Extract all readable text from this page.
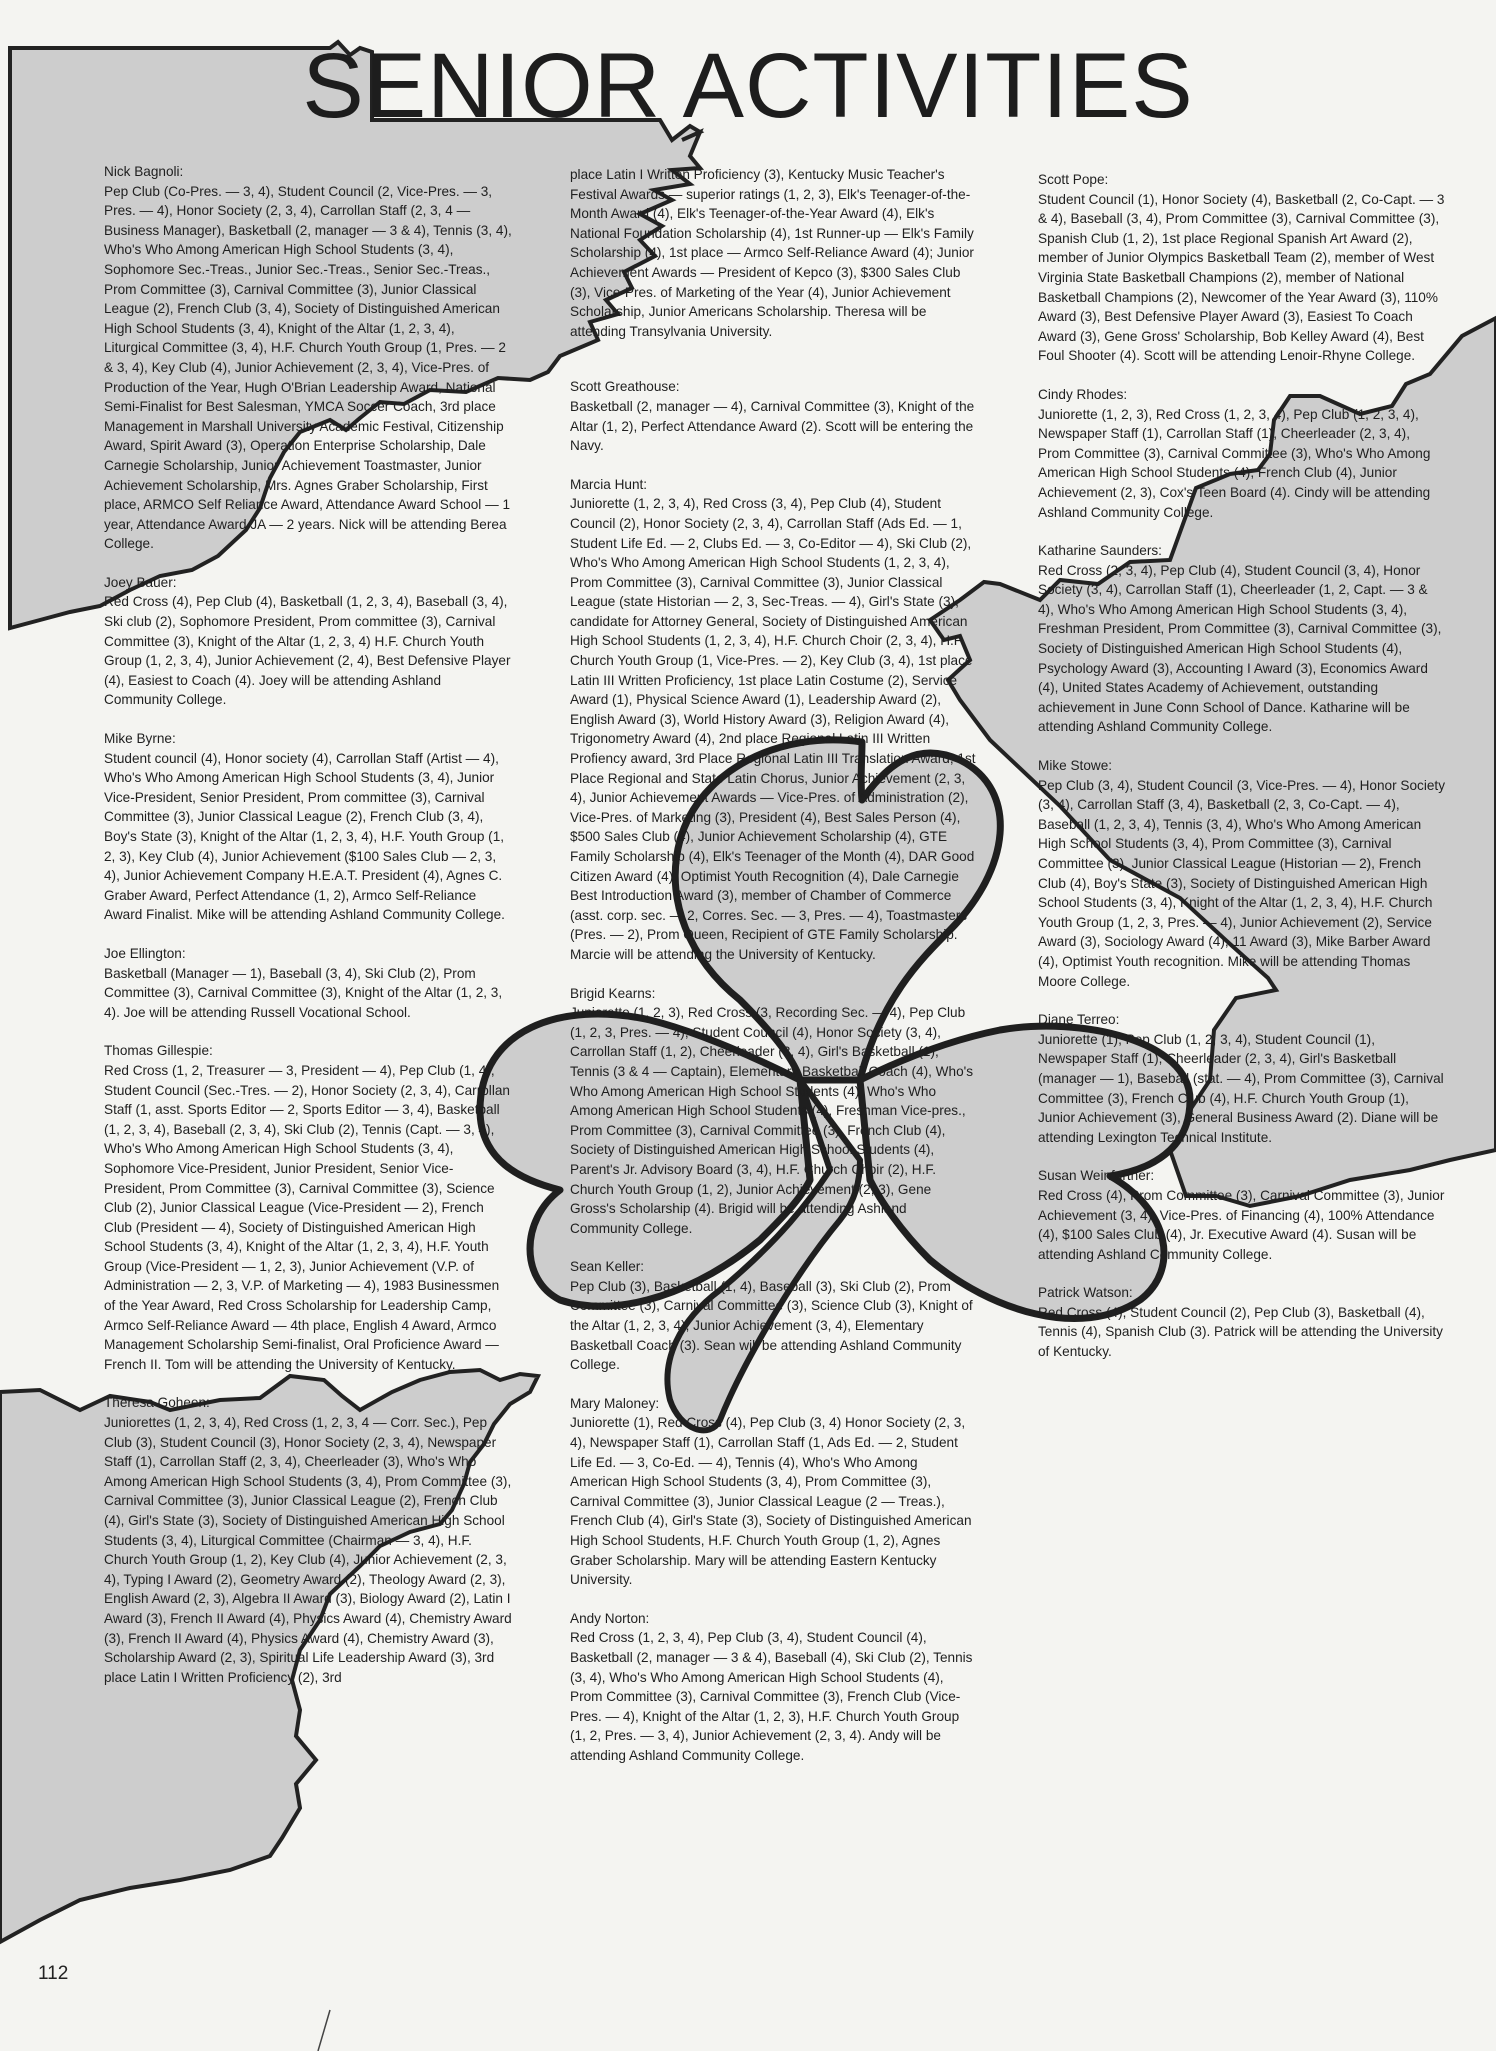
SENIOR ACTIVITIES
Nick Bagnoli:
Pep Club (Co-Pres. — 3, 4), Student Council (2, Vice-Pres. — 3, Pres. — 4), Honor Society (2, 3, 4), Carrollan Staff (2, 3, 4 — Business Manager), Basketball (2, manager — 3 & 4), Tennis (3, 4), Who's Who Among American High School Students (3, 4), Sophomore Sec.-Treas., Junior Sec.-Treas., Senior Sec.-Treas., Prom Committee (3), Carnival Committee (3), Junior Classical League (2), French Club (3, 4), Society of Distinguished American High School Students (3, 4), Knight of the Altar (1, 2, 3, 4), Liturgical Committee (3, 4), H.F. Church Youth Group (1, Pres. — 2 & 3, 4), Key Club (4), Junior Achievement (2, 3, 4), Vice-Pres. of Production of the Year, Hugh O'Brian Leadership Award, National Semi-Finalist for Best Salesman, YMCA Soccer Coach, 3rd place Management in Marshall University Academic Festival, Citizenship Award, Spirit Award (3), Operation Enterprise Scholarship, Dale Carnegie Scholarship, Junior Achievement Toastmaster, Junior Achievement Scholarship, Mrs. Agnes Graber Scholarship, First place, ARMCO Self Reliance Award, Attendance Award School — 1 year, Attendance Award JA — 2 years. Nick will be attending Berea College.
Joey Bauer:
Red Cross (4), Pep Club (4), Basketball (1, 2, 3, 4), Baseball (3, 4), Ski club (2), Sophomore President, Prom committee (3), Carnival Committee (3), Knight of the Altar (1, 2, 3, 4) H.F. Church Youth Group (1, 2, 3, 4), Junior Achievement (2, 4), Best Defensive Player (4), Easiest to Coach (4). Joey will be attending Ashland Community College.
Mike Byrne:
Student council (4), Honor society (4), Carrollan Staff (Artist — 4), Who's Who Among American High School Students (3, 4), Junior Vice-President, Senior President, Prom committee (3), Carnival Committee (3), Junior Classical League (2), French Club (3, 4), Boy's State (3), Knight of the Altar (1, 2, 3, 4), H.F. Youth Group (1, 2, 3), Key Club (4), Junior Achievement ($100 Sales Club — 2, 3, 4), Junior Achievement Company H.E.A.T. President (4), Agnes C. Graber Award, Perfect Attendance (1, 2), Armco Self-Reliance Award Finalist. Mike will be attending Ashland Community College.
Joe Ellington:
Basketball (Manager — 1), Baseball (3, 4), Ski Club (2), Prom Committee (3), Carnival Committee (3), Knight of the Altar (1, 2, 3, 4). Joe will be attending Russell Vocational School.
Thomas Gillespie:
Red Cross (1, 2, Treasurer — 3, President — 4), Pep Club (1, 4), Student Council (Sec.-Tres. — 2), Honor Society (2, 3, 4), Carrollan Staff (1, asst. Sports Editor — 2, Sports Editor — 3, 4), Basketball (1, 2, 3, 4), Baseball (2, 3, 4), Ski Club (2), Tennis (Capt. — 3, 4), Who's Who Among American High School Students (3, 4), Sophomore Vice-President, Junior President, Senior Vice-President, Prom Committee (3), Carnival Committee (3), Science Club (2), Junior Classical League (Vice-President — 2), French Club (President — 4), Society of Distinguished American High School Students (3, 4), Knight of the Altar (1, 2, 3, 4), H.F. Youth Group (Vice-President — 1, 2, 3), Junior Achievement (V.P. of Administration — 2, 3, V.P. of Marketing — 4), 1983 Businessmen of the Year Award, Red Cross Scholarship for Leadership Camp, Armco Self-Reliance Award — 4th place, English 4 Award, Armco Management Scholarship Semi-finalist, Oral Proficience Award — French II. Tom will be attending the University of Kentucky.
Theresa Goheen:
Juniorettes (1, 2, 3, 4), Red Cross (1, 2, 3, 4 — Corr. Sec.), Pep Club (3), Student Council (3), Honor Society (2, 3, 4), Newspaper Staff (1), Carrollan Staff (2, 3, 4), Cheerleader (3), Who's Who Among American High School Students (3, 4), Prom Committee (3), Carnival Committee (3), Junior Classical League (2), French Club (4), Girl's State (3), Society of Distinguished American High School Students (3, 4), Liturgical Committee (Chairman — 3, 4), H.F. Church Youth Group (1, 2), Key Club (4), Junior Achievement (2, 3, 4), Typing I Award (2), Geometry Award (2), Theology Award (2, 3), English Award (2, 3), Algebra II Award (3), Biology Award (2), Latin I Award (3), French II Award (4), Physics Award (4), Chemistry Award (3), French II Award (4), Physics Award (4), Chemistry Award (3), Scholarship Award (2, 3), Spiritual Life Leadership Award (3), 3rd place Latin I Written Proficiency (2), 3rd
place Latin I Written Proficiency (3), Kentucky Music Teacher's Festival Awards — superior ratings (1, 2, 3), Elk's Teenager-of-the-Month Award (4), Elk's Teenager-of-the-Year Award (4), Elk's National Foundation Scholarship (4), 1st Runner-up — Elk's Family Scholarship (4), 1st place — Armco Self-Reliance Award (4); Junior Achievement Awards — President of Kepco (3), $300 Sales Club (3), Vice-Pres. of Marketing of the Year (4), Junior Achievement Scholarship, Junior Americans Scholarship. Theresa will be attending Transylvania University.
Scott Greathouse:
Basketball (2, manager — 4), Carnival Committee (3), Knight of the Altar (1, 2), Perfect Attendance Award (2). Scott will be entering the Navy.
Marcia Hunt:
Juniorette (1, 2, 3, 4), Red Cross (3, 4), Pep Club (4), Student Council (2), Honor Society (2, 3, 4), Carrollan Staff (Ads Ed. — 1, Student Life Ed. — 2, Clubs Ed. — 3, Co-Editor — 4), Ski Club (2), Who's Who Among American High School Students (1, 2, 3, 4), Prom Committee (3), Carnival Committee (3), Junior Classical League (state Historian — 2, 3, Sec-Treas. — 4), Girl's State (3), candidate for Attorney General, Society of Distinguished American High School Students (1, 2, 3, 4), H.F. Church Choir (2, 3, 4), H.F. Church Youth Group (1, Vice-Pres. — 2), Key Club (3, 4), 1st place Latin III Written Proficiency, 1st place Latin Costume (2), Service Award (1), Physical Science Award (1), Leadership Award (2), English Award (3), World History Award (3), Religion Award (4), Trigonometry Award (4), 2nd place Regional Latin III Written Profiency award, 3rd Place Regional Latin III Translation Award, 1st Place Regional and State Latin Chorus, Junior Achievement (2, 3, 4), Junior Achievement Awards — Vice-Pres. of Administration (2), Vice-Pres. of Marketing (3), President (4), Best Sales Person (4), $500 Sales Club (4), Junior Achievement Scholarship (4), GTE Family Scholarship (4), Elk's Teenager of the Month (4), DAR Good Citizen Award (4), Optimist Youth Recognition (4), Dale Carnegie Best Introduction Award (3), member of Chamber of Commerce (asst. corp. sec. — 2, Corres. Sec. — 3, Pres. — 4), Toastmasters (Pres. — 2), Prom Queen, Recipient of GTE Family Scholarship. Marcie will be attending the University of Kentucky.
Brigid Kearns:
Juniorette (1, 2, 3), Red Cross (3, Recording Sec. — 4), Pep Club (1, 2, 3, Pres. — 4), Student Council (4), Honor Society (3, 4), Carrollan Staff (1, 2), Cheerleader (3, 4), Girl's Basketball (1), Tennis (3 & 4 — Captain), Elementary Basketball Coach (4), Who's Who Among American High School Students (4), Who's Who Among American High School Students (4), Freshman Vice-pres., Prom Committee (3), Carnival Committee (3), French Club (4), Society of Distinguished American High School Students (4), Parent's Jr. Advisory Board (3, 4), H.F. Church Choir (2), H.F. Church Youth Group (1, 2), Junior Achievement (2, 3), Gene Gross's Scholarship (4). Brigid will be attending Ashland Community College.
Sean Keller:
Pep Club (3), Basketball (1, 4), Baseball (3), Ski Club (2), Prom Committee (3), Carnival Committee (3), Science Club (3), Knight of the Altar (1, 2, 3, 4), Junior Achievement (3, 4), Elementary Basketball Coach (3). Sean will be attending Ashland Community College.
Mary Maloney:
Juniorette (1), Red Cross (4), Pep Club (3, 4) Honor Society (2, 3, 4), Newspaper Staff (1), Carrollan Staff (1, Ads Ed. — 2, Student Life Ed. — 3, Co-Ed. — 4), Tennis (4), Who's Who Among American High School Students (3, 4), Prom Committee (3), Carnival Committee (3), Junior Classical League (2 — Treas.), French Club (4), Girl's State (3), Society of Distinguished American High School Students, H.F. Church Youth Group (1, 2), Agnes Graber Scholarship. Mary will be attending Eastern Kentucky University.
Andy Norton:
Red Cross (1, 2, 3, 4), Pep Club (3, 4), Student Council (4), Basketball (2, manager — 3 & 4), Baseball (4), Ski Club (2), Tennis (3, 4), Who's Who Among American High School Students (4), Prom Committee (3), Carnival Committee (3), French Club (Vice-Pres. — 4), Knight of the Altar (1, 2, 3), H.F. Church Youth Group (1, 2, Pres. — 3, 4), Junior Achievement (2, 3, 4). Andy will be attending Ashland Community College.
Scott Pope:
Student Council (1), Honor Society (4), Basketball (2, Co-Capt. — 3 & 4), Baseball (3, 4), Prom Committee (3), Carnival Committee (3), Spanish Club (1, 2), 1st place Regional Spanish Art Award (2), member of Junior Olympics Basketball Team (2), member of West Virginia State Basketball Champions (2), member of National Basketball Champions (2), Newcomer of the Year Award (3), 110% Award (3), Best Defensive Player Award (3), Easiest To Coach Award (3), Gene Gross' Scholarship, Bob Kelley Award (4), Best Foul Shooter (4). Scott will be attending Lenoir-Rhyne College.
Cindy Rhodes:
Juniorette (1, 2, 3), Red Cross (1, 2, 3, 4), Pep Club (1, 2, 3, 4), Newspaper Staff (1), Carrollan Staff (1), Cheerleader (2, 3, 4), Prom Committee (3), Carnival Committee (3), Who's Who Among American High School Students (4), French Club (4), Junior Achievement (2, 3), Cox's Teen Board (4). Cindy will be attending Ashland Community College.
Katharine Saunders:
Red Cross (2, 3, 4), Pep Club (4), Student Council (3, 4), Honor Society (3, 4), Carrollan Staff (1), Cheerleader (1, 2, Capt. — 3 & 4), Who's Who Among American High School Students (3, 4), Freshman President, Prom Committee (3), Carnival Committee (3), Society of Distinguished American High School Students (4), Psychology Award (3), Accounting I Award (3), Economics Award (4), United States Academy of Achievement, outstanding achievement in June Conn School of Dance. Katharine will be attending Ashland Community College.
Mike Stowe:
Pep Club (3, 4), Student Council (3, Vice-Pres. — 4), Honor Society (3, 4), Carrollan Staff (3, 4), Basketball (2, 3, Co-Capt. — 4), Baseball (1, 2, 3, 4), Tennis (3, 4), Who's Who Among American High School Students (3, 4), Prom Committee (3), Carnival Committee (3), Junior Classical League (Historian — 2), French Club (4), Boy's State (3), Society of Distinguished American High School Students (3, 4), Knight of the Altar (1, 2, 3, 4), H.F. Church Youth Group (1, 2, 3, Pres. — 4), Junior Achievement (2), Service Award (3), Sociology Award (4), 11 Award (3), Mike Barber Award (4), Optimist Youth recognition. Mike will be attending Thomas Moore College.
Diane Terreo:
Juniorette (1), Pep Club (1, 2, 3, 4), Student Council (1), Newspaper Staff (1), Cheerleader (2, 3, 4), Girl's Basketball (manager — 1), Baseball (stat. — 4), Prom Committee (3), Carnival Committee (3), French Club (4), H.F. Church Youth Group (1), Junior Achievement (3), General Business Award (2). Diane will be attending Lexington Technical Institute.
Susan Weinfurtner:
Red Cross (4), Prom Committee (3), Carnival Committee (3), Junior Achievement (3, 4), Vice-Pres. of Financing (4), 100% Attendance (4), $100 Sales Club (4), Jr. Executive Award (4). Susan will be attending Ashland Community College.
Patrick Watson:
Red Cross (4), Student Council (2), Pep Club (3), Basketball (4), Tennis (4), Spanish Club (3). Patrick will be attending the University of Kentucky.
112
